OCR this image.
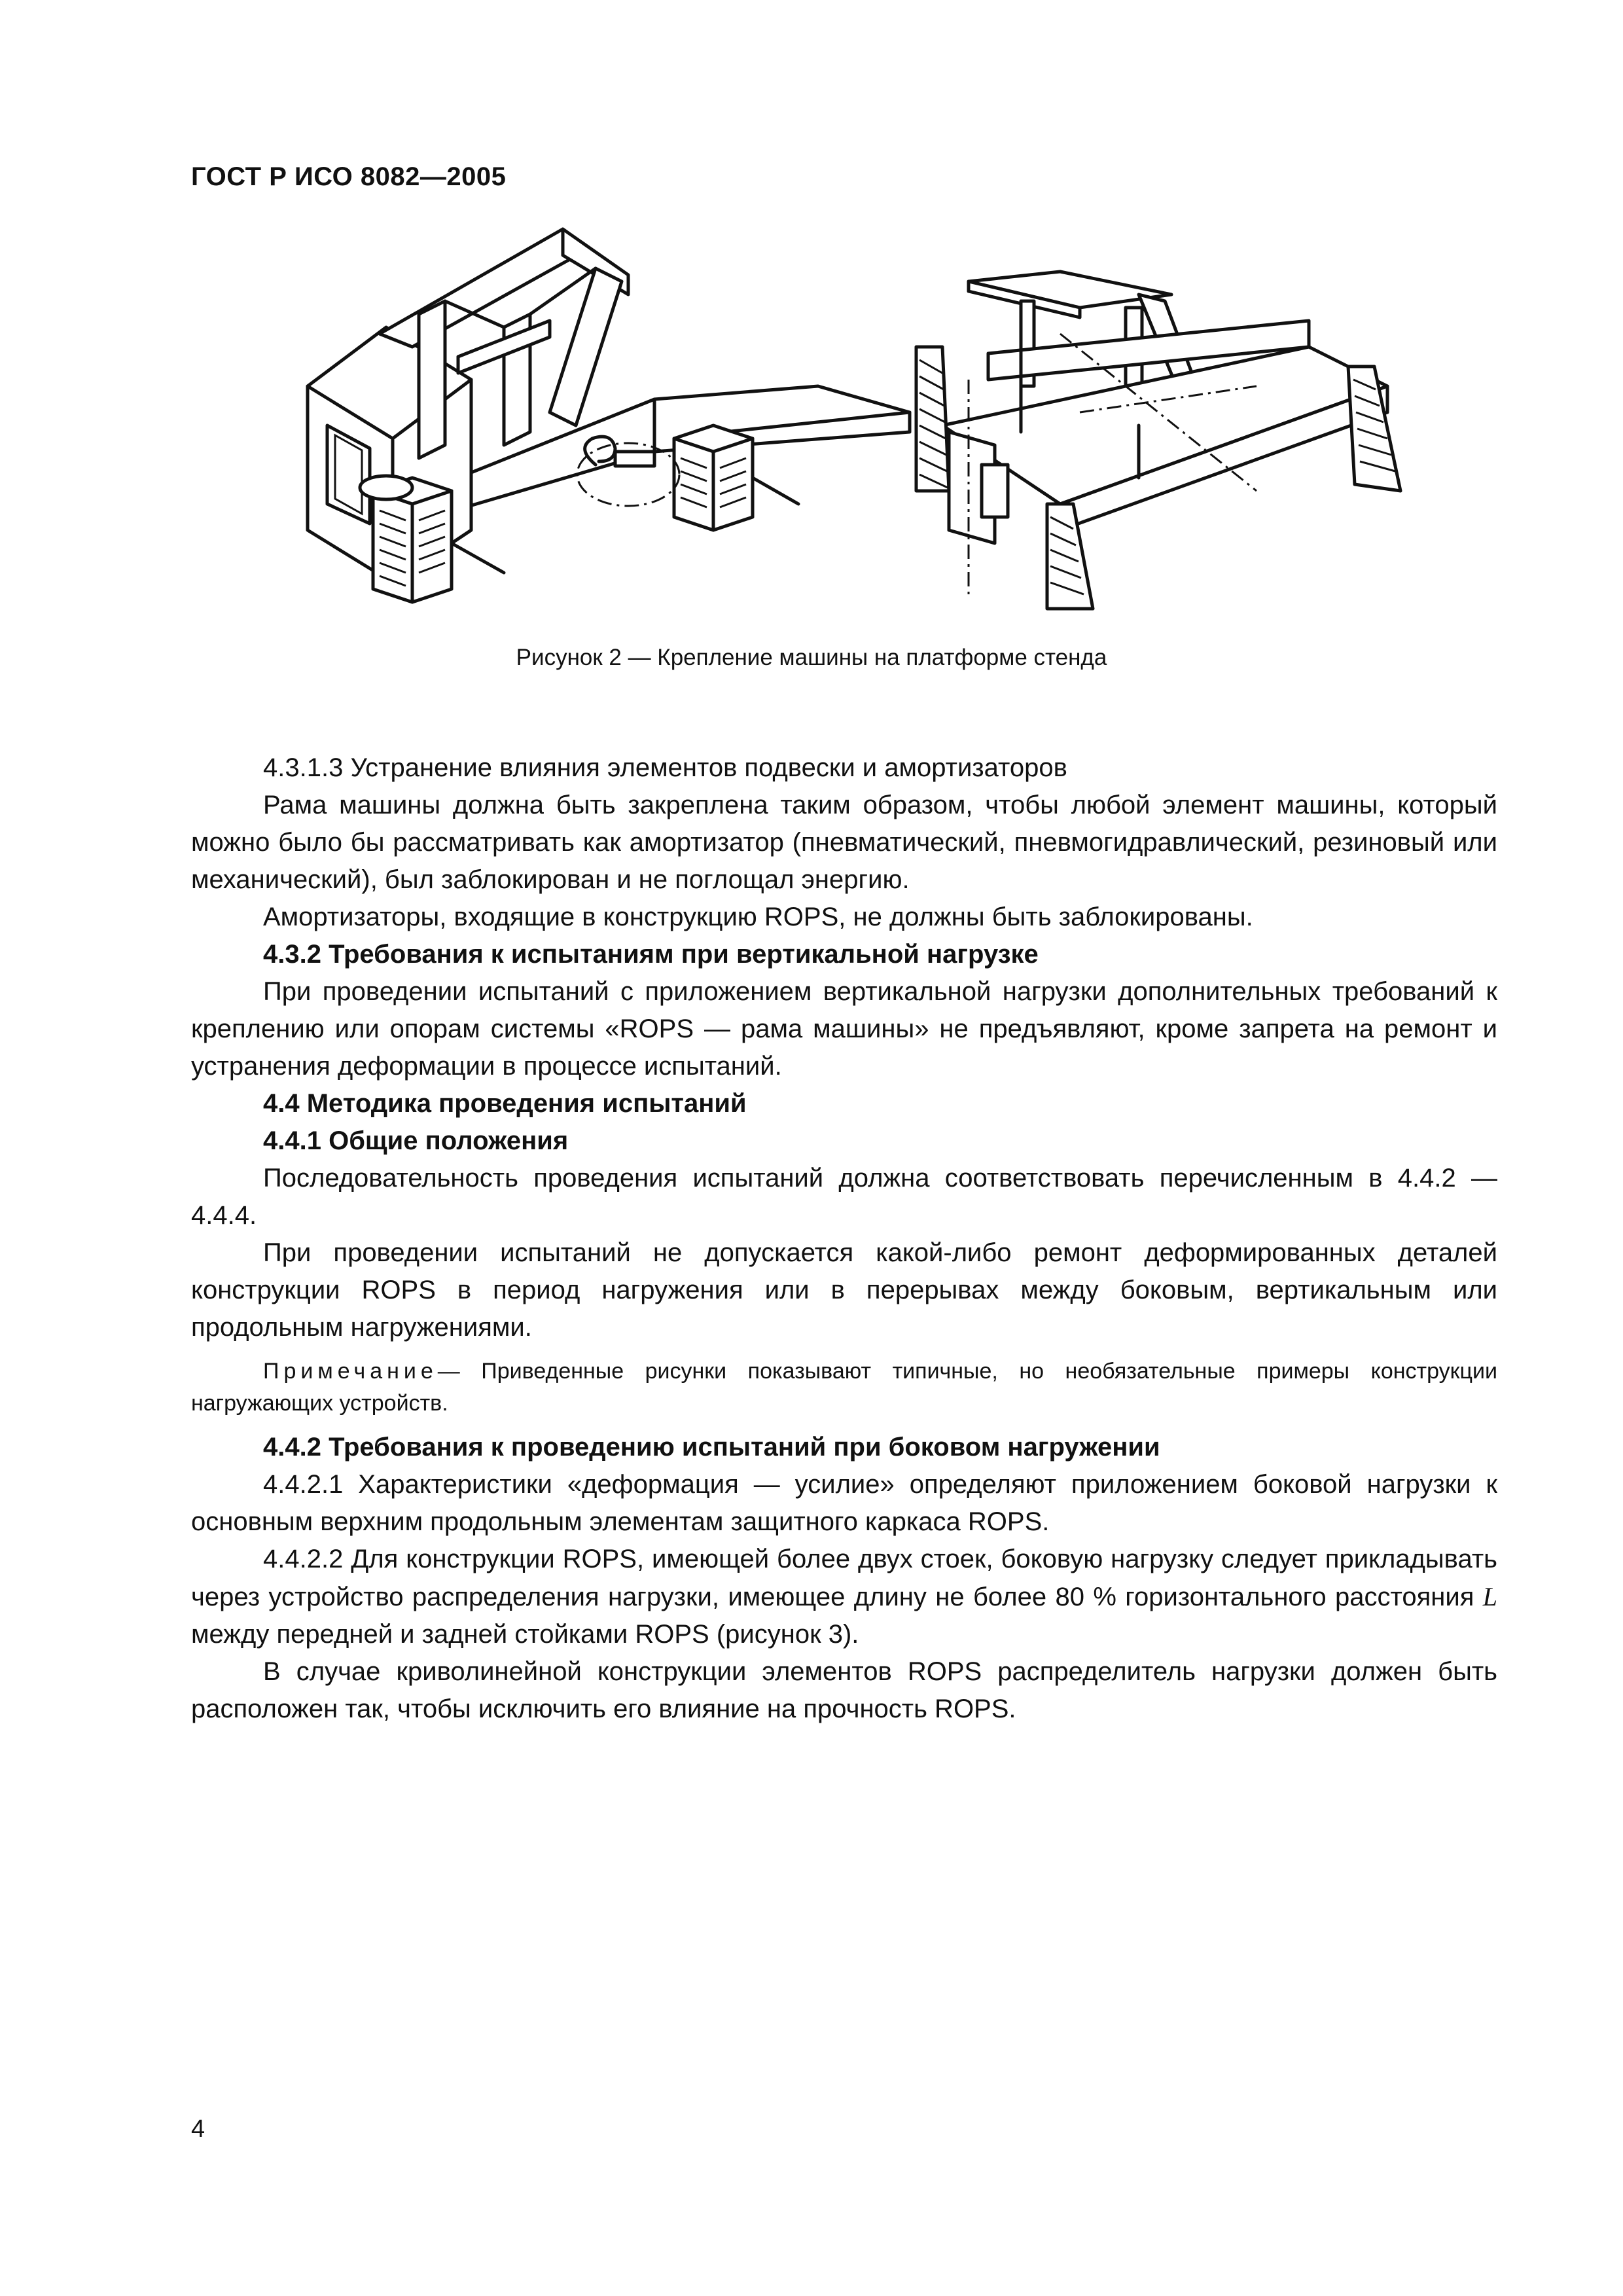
ГОСТ Р ИСО 8082—2005
Рисунок 2 — Крепление машины на платформе стенда

4.3.1.3 Устранение влияния элементов подвески и амортизаторов

Рама машины должна быть закреплена таким образом, чтобы любой элемент машины, который можно было бы рассматривать как амортизатор (пневматический, пневмогидравлический, резиновый или механический), был заблокирован и не поглощал энергию.

Амортизаторы, входящие в конструкцию ROPS, не должны быть заблокированы.

4.3.2 Требования к испытаниям при вертикальной нагрузке

При проведении испытаний с приложением вертикальной нагрузки дополнительных требований к креплению или опорам системы «ROPS — рама машины» не предъявляют, кроме запрета на ремонт и устранения деформации в процессе испытаний.

4.4 Методика проведения испытаний

4.4.1 Общие положения

Последовательность проведения испытаний должна соответствовать перечисленным в 4.4.2 — 4.4.4.

При проведении испытаний не допускается какой-либо ремонт деформированных деталей конструкции ROPS в период нагружения или в перерывах между боковым, вертикальным или продольным нагружениями.

Примечание— Приведенные рисунки показывают типичные, но необязательные примеры конструкции нагружающих устройств.

4.4.2 Требования к проведению испытаний при боковом нагружении

4.4.2.1 Характеристики «деформация — усилие» определяют приложением боковой нагрузки к основным верхним продольным элементам защитного каркаса ROPS.

4.4.2.2 Для конструкции ROPS, имеющей более двух стоек, боковую нагрузку следует прикладывать через устройство распределения нагрузки, имеющее длину не более 80 % горизонтального расстояния L между передней и задней стойками ROPS (рисунок 3).

В случае криволинейной конструкции элементов ROPS распределитель нагрузки должен быть расположен так, чтобы исключить его влияние на прочность ROPS.

4
